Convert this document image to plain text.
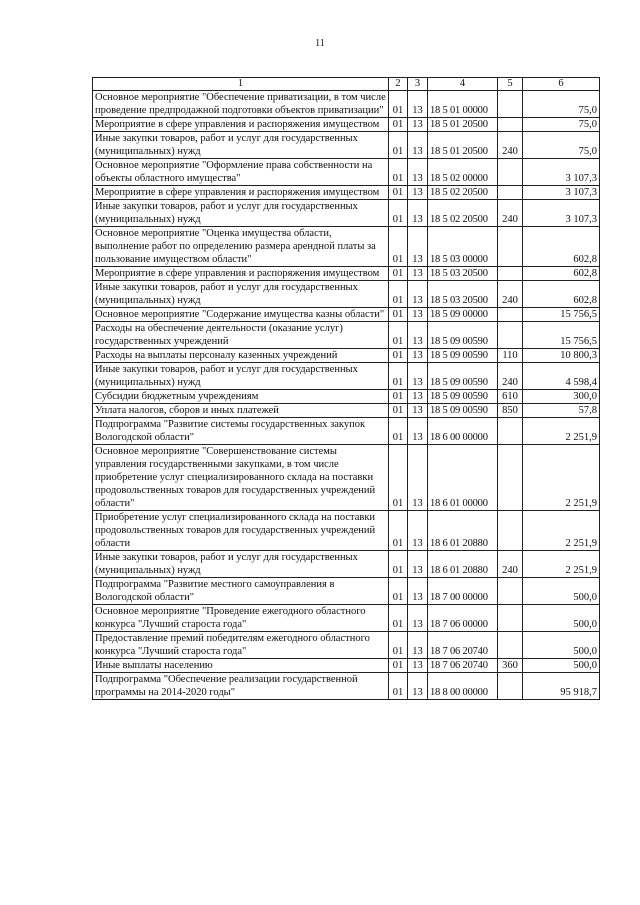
11
1	2	3	4	5	6
Основное мероприятие "Обеспечение приватизации, в том числе проведение предпродажной подготовки объектов приватизации"	01	13	18 5 01 00000		75,0
Мероприятие в сфере управления и распоряжения имуществом	01	13	18 5 01 20500		75,0
Иные закупки товаров, работ и услуг для государственных (муниципальных) нужд	01	13	18 5 01 20500	240	75,0
Основное мероприятие "Оформление права собственности на объекты областного имущества"	01	13	18 5 02 00000		3 107,3
Мероприятие в сфере управления и распоряжения имуществом	01	13	18 5 02 20500		3 107,3
Иные закупки товаров, работ и услуг для государственных (муниципальных) нужд	01	13	18 5 02 20500	240	3 107,3
Основное мероприятие "Оценка имущества области, выполнение работ по определению размера арендной платы за пользование имуществом области"	01	13	18 5 03 00000		602,8
Мероприятие в сфере управления и распоряжения имуществом	01	13	18 5 03 20500		602,8
Иные закупки товаров, работ и услуг для государственных (муниципальных) нужд	01	13	18 5 03 20500	240	602,8
Основное мероприятие "Содержание имущества казны области"	01	13	18 5 09 00000		15 756,5
Расходы на обеспечение деятельности (оказание услуг) государственных учреждений	01	13	18 5 09 00590		15 756,5
Расходы на выплаты персоналу казенных учреждений	01	13	18 5 09 00590	110	10 800,3
Иные закупки товаров, работ и услуг для государственных (муниципальных) нужд	01	13	18 5 09 00590	240	4 598,4
Субсидии бюджетным учреждениям	01	13	18 5 09 00590	610	300,0
Уплата налогов, сборов и иных платежей	01	13	18 5 09 00590	850	57,8
Подпрограмма "Развитие системы государственных закупок Вологодской области"	01	13	18 6 00 00000		2 251,9
Основное мероприятие "Совершенствование системы управления государственными закупками, в том числе приобретение услуг специализированного склада на поставки продовольственных товаров для государственных учреждений области"	01	13	18 6 01 00000		2 251,9
Приобретение услуг специализированного склада на поставки продовольственных товаров для государственных учреждений области	01	13	18 6 01 20880		2 251,9
Иные закупки товаров, работ и услуг для государственных (муниципальных) нужд	01	13	18 6 01 20880	240	2 251,9
Подпрограмма "Развитие местного самоуправления в Вологодской области"	01	13	18 7 00 00000		500,0
Основное мероприятие "Проведение ежегодного областного конкурса "Лучший староста года"	01	13	18 7 06 00000		500,0
Предоставление премий победителям ежегодного областного конкурса "Лучший староста года"	01	13	18 7 06 20740		500,0
Иные выплаты населению	01	13	18 7 06 20740	360	500,0
Подпрограмма "Обеспечение реализации государственной программы на 2014-2020 годы"	01	13	18 8 00 00000		95 918,7
